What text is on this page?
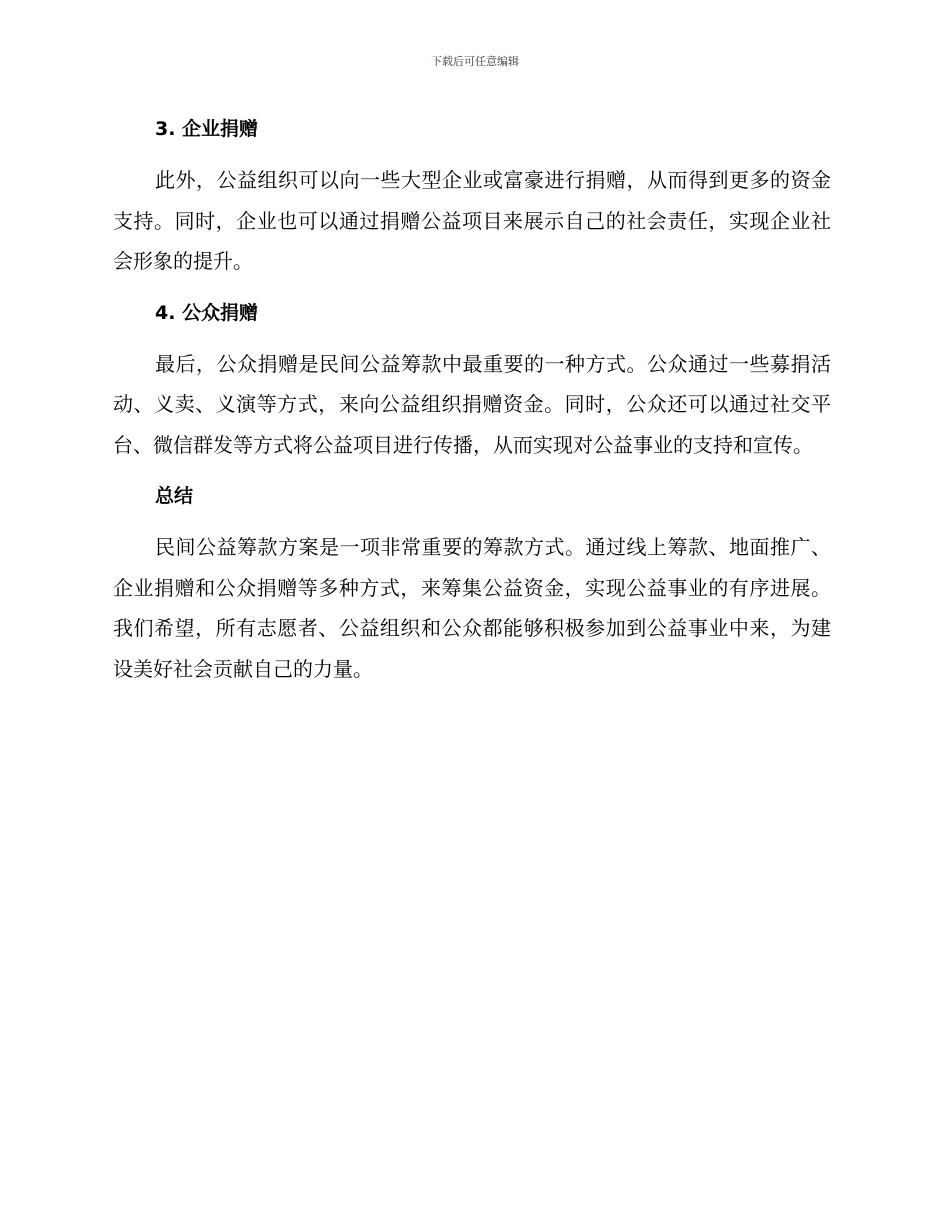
下载后可任意编辑
3. 企业捐赠

此外，公益组织可以向一些大型企业或富豪进行捐赠，从而得到更多的资金支持。同时，企业也可以通过捐赠公益项目来展示自己的社会责任，实现企业社会形象的提升。

4. 公众捐赠

最后，公众捐赠是民间公益筹款中最重要的一种方式。公众通过一些募捐活动、义卖、义演等方式，来向公益组织捐赠资金。同时，公众还可以通过社交平台、微信群发等方式将公益项目进行传播，从而实现对公益事业的支持和宣传。

总结

民间公益筹款方案是一项非常重要的筹款方式。通过线上筹款、地面推广、企业捐赠和公众捐赠等多种方式，来筹集公益资金，实现公益事业的有序进展。我们希望，所有志愿者、公益组织和公众都能够积极参加到公益事业中来，为建设美好社会贡献自己的力量。
